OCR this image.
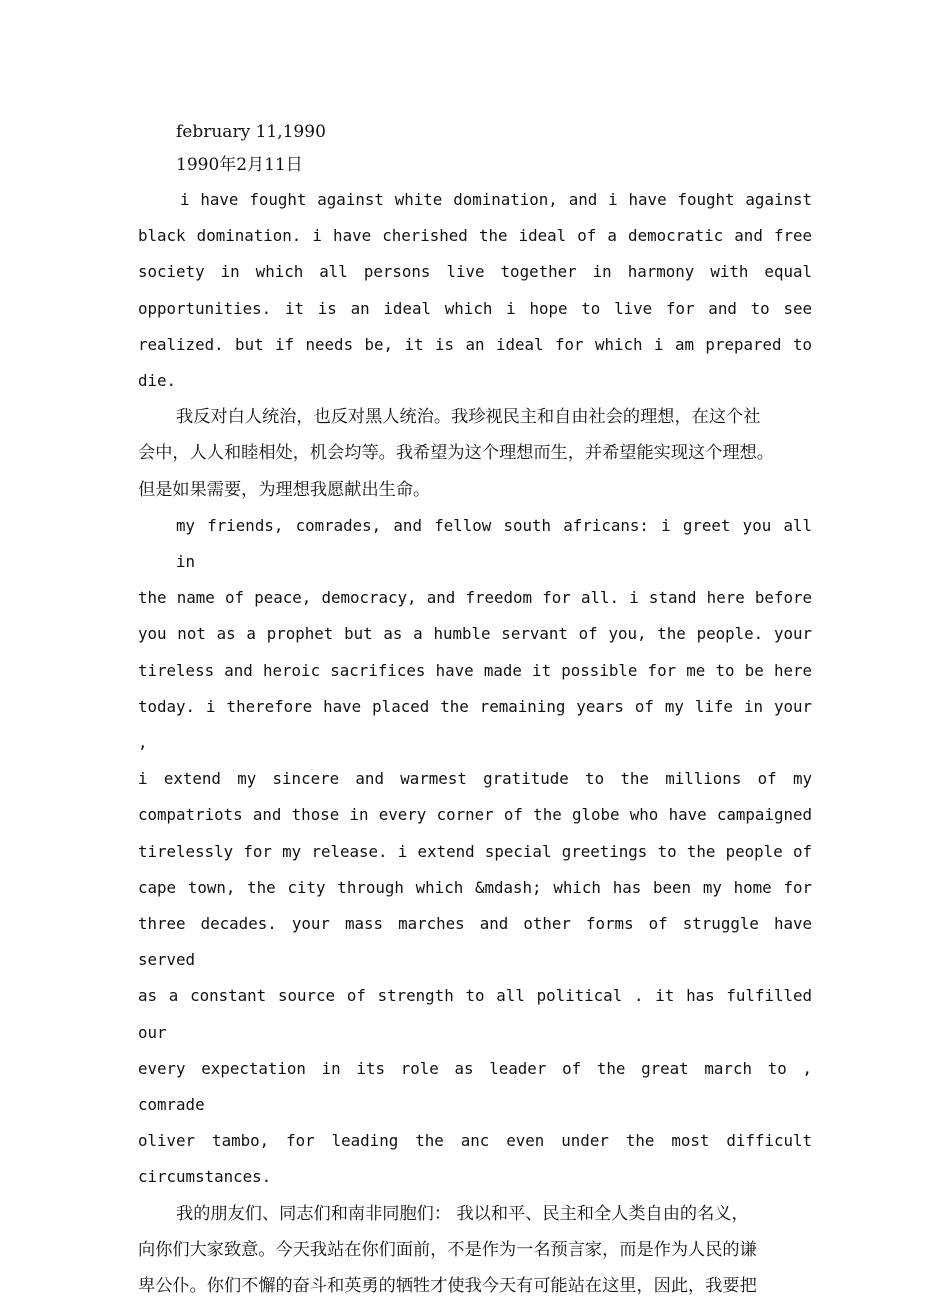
february 11,1990

1990年2月11日

i have fought against white domination, and i have fought against

black domination. i have cherished the ideal of a democratic and free

society in which all persons live together in harmony with equal

opportunities. it is an ideal which i hope to live for and to see

realized. but if needs be, it is an ideal for which i am prepared to

die.

我反对白人统治，也反对黑人统治。我珍视民主和自由社会的理想，在这个社

会中，人人和睦相处，机会均等。我希望为这个理想而生，并希望能实现这个理想。

但是如果需要，为理想我愿献出生命。

my friends, comrades, and fellow south africans: i greet you all in

the name of peace, democracy, and freedom for all. i stand here before

you not as a prophet but as a humble servant of you, the people. your

tireless and heroic sacrifices have made it possible for me to be here

today. i therefore have placed the remaining years of my life in your ,

i extend my sincere and warmest gratitude to the millions of my

compatriots and those in every corner of the globe who have campaigned

tirelessly for my release. i extend special greetings to the people of

cape town, the city through which &mdash; which has been my home for

three decades. your mass marches and other forms of struggle have served

as a constant source of strength to all political . it has fulfilled our

every expectation in its role as leader of the great march to , comrade

oliver tambo, for leading the anc even under the most difficult

circumstances.

我的朋友们、同志们和南非同胞们： 我以和平、民主和全人类自由的名义，

向你们大家致意。今天我站在你们面前，不是作为一名预言家，而是作为人民的谦

卑公仆。你们不懈的奋斗和英勇的牺牲才使我今天有可能站在这里，因此，我要把
